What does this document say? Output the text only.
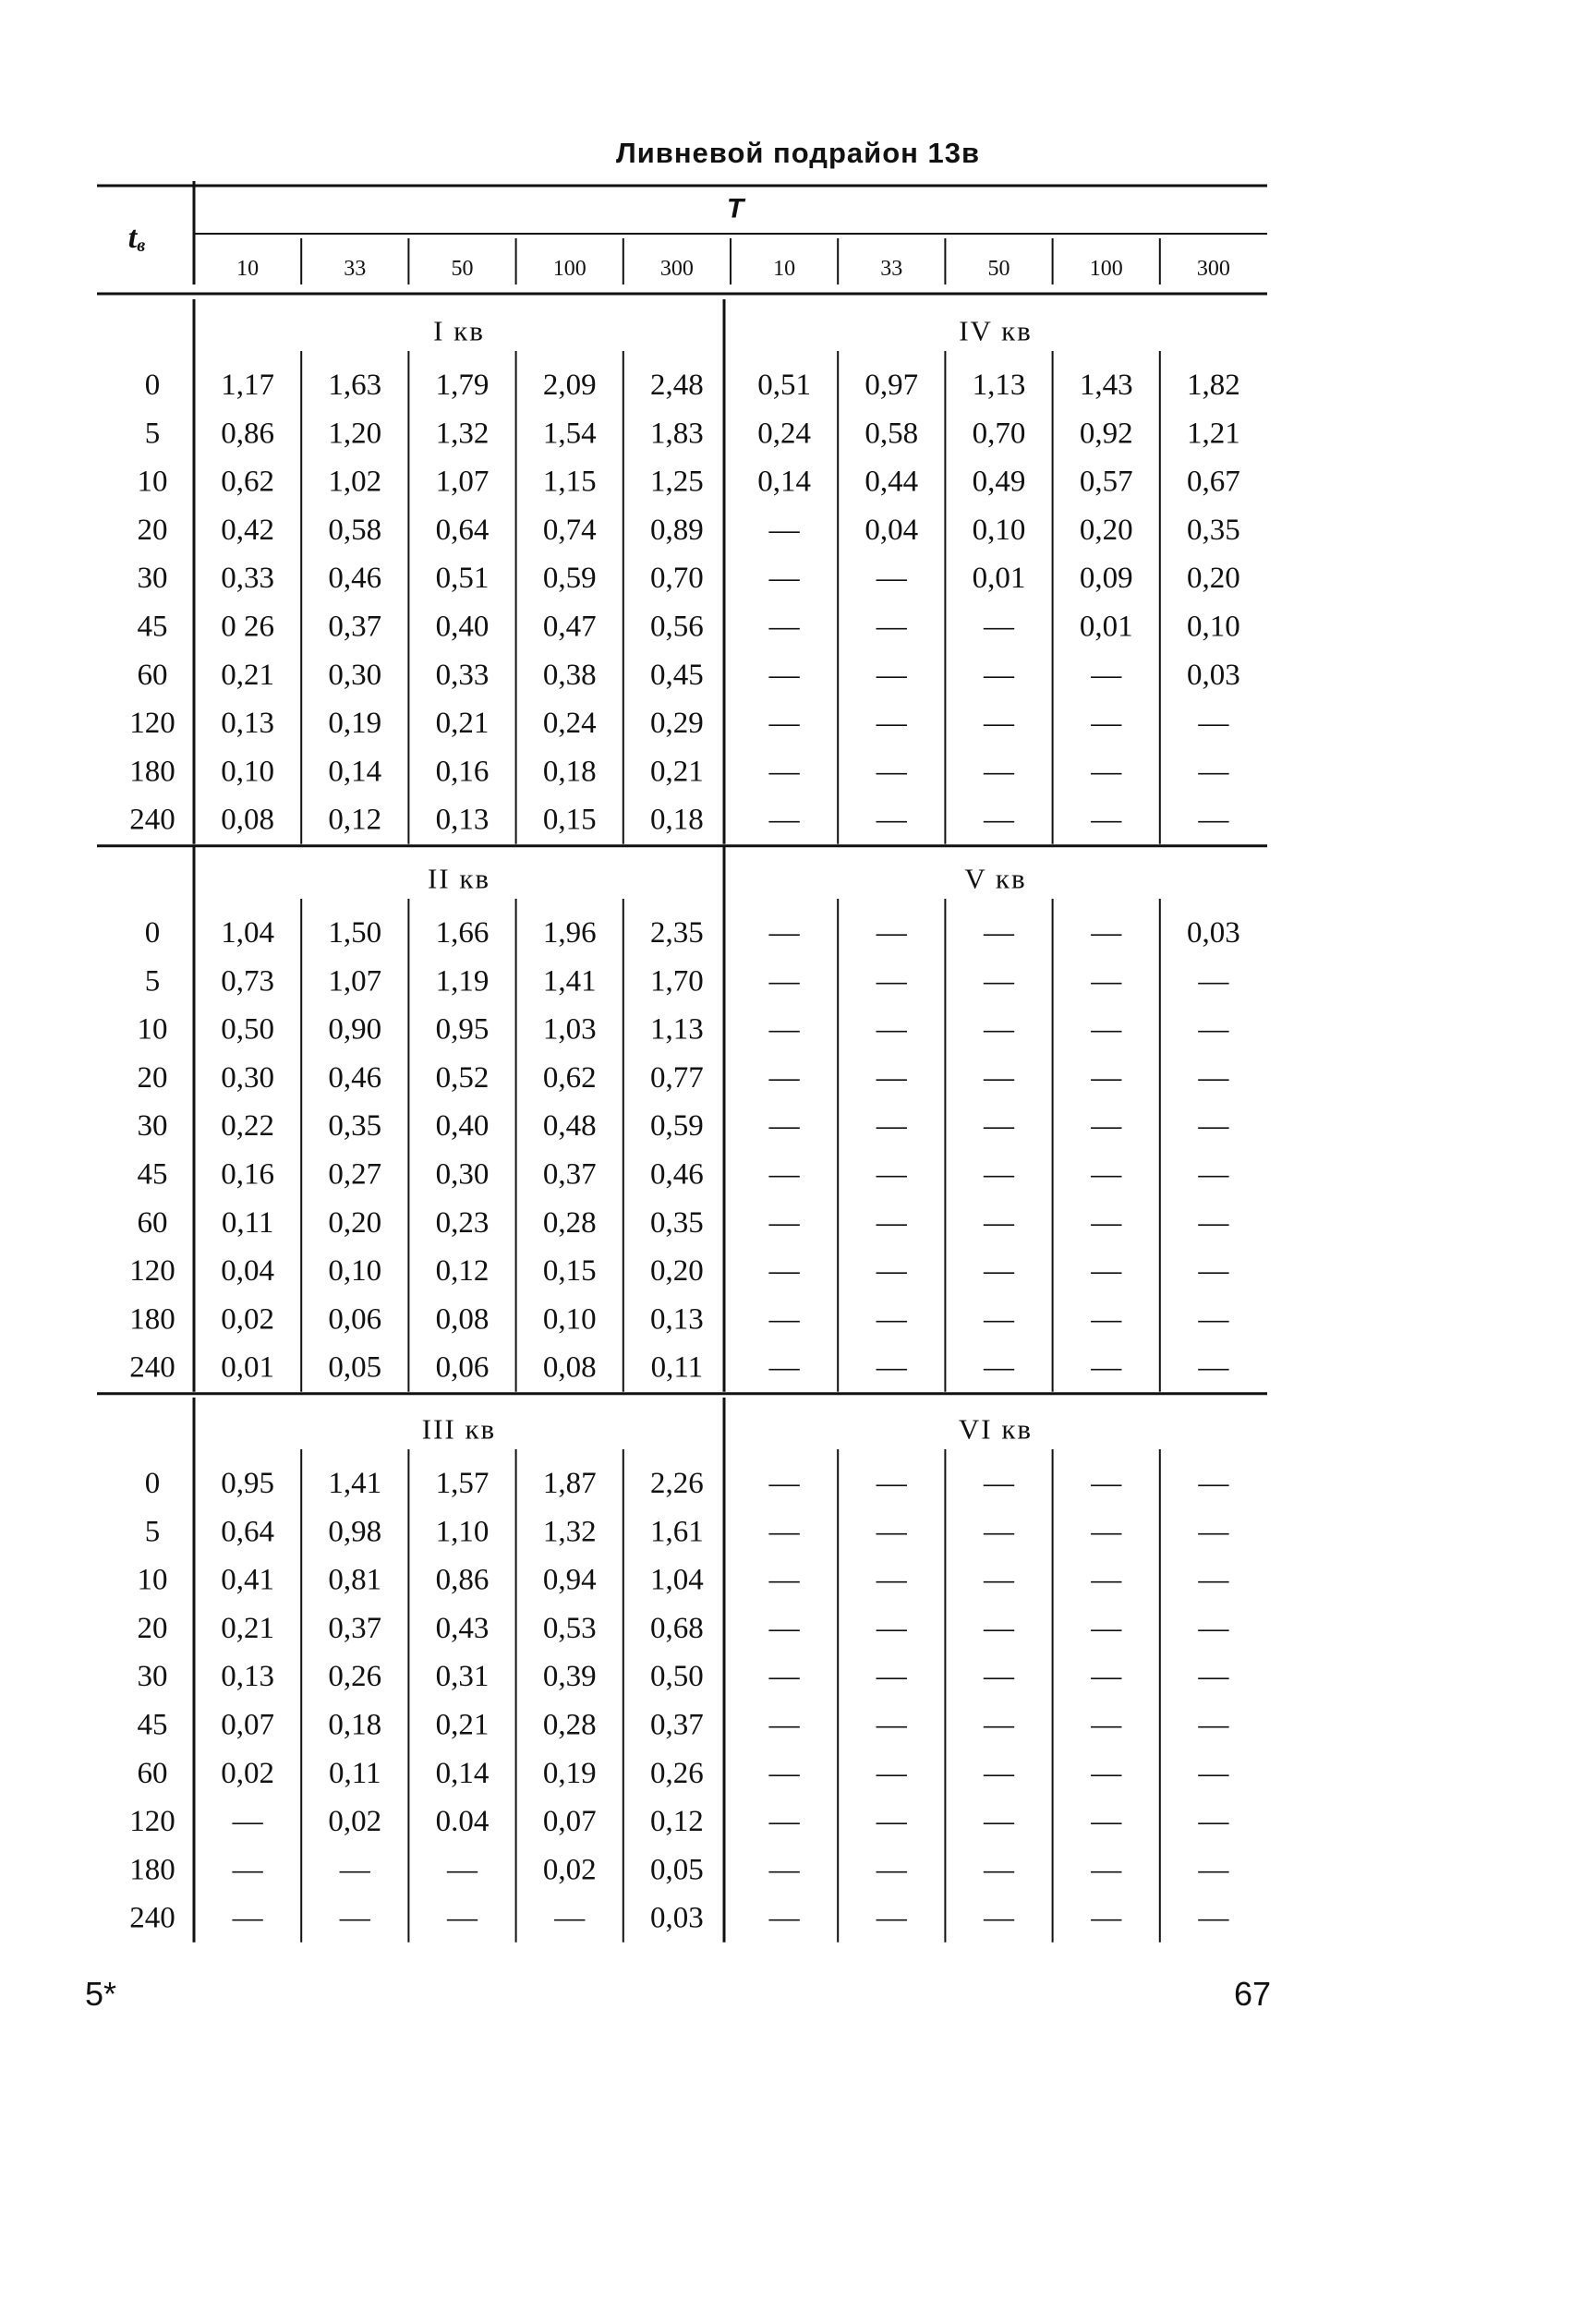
Ливневой подрайон 13в
$t_в$
T
10	33	50	100	300	10	33	50	100	300
I кв	IV кв
0 1,17 1,63 1,79 2,09 2,48 0,51 0,97 1,13 1,43 1,82
5 0,86 1,20 1,32 1,54 1,83 0,24 0,58 0,70 0,92 1,21
10 0,62 1,02 1,07 1,15 1,25 0,14 0,44 0,49 0,57 0,67
20 0,42 0,58 0,64 0,74 0,89 — 0,04 0,10 0,20 0,35
30 0,33 0,46 0,51 0,59 0,70 —	— 0,01 0,09 0,20
45 0 26 0,37 0,40 0,47 0,56 —	—	— 0,01 0,10
60 0,21 0,30 0,33 0,38 0,45 —	—	—	— 0,03
120 0,13 0,19 0,21 0,24 0,29 —	—	—	—	—
180 0,10 0,14 0,16 0,18 0,21 —	—	—	—	—
240 0,08 0,12 0,13 0,15 0,18 —	—	—	—	—
II кв	V кв
0 1,04 1,50 1,66 1,96 2,35 —	—	—	— 0,03
5 0,73 1,07 1,19 1,41 1,70 —	—	—	—	—
10 0,50 0,90 0,95 1,03 1,13 —	—	—	—	—
20 0,30 0,46 0,52 0,62 0,77 —	—	—	—	—
30 0,22 0,35 0,40 0,48 0,59 —	—	—	—	—
45 0,16 0,27 0,30 0,37 0,46 —	—	—	—	—
60 0,11 0,20 0,23 0,28 0,35 —	—	—	—	—
120 0,04 0,10 0,12 0,15 0,20 —	—	—	—	—
180 0,02 0,06 0,08 0,10 0,13 —	—	—	—	—
240 0,01 0,05 0,06 0,08 0,11 —	—	—	—	—
III кв	VI кв
0 0,95 1,41 1,57 1,87 2,26 —	—	—	—	—
5 0,64 0,98 1,10 1,32 1,61 —	—	—	—	—
10 0,41 0,81 0,86 0,94 1,04 —	—	—	—	—
20 0,21 0,37 0,43 0,53 0,68 —	—	—	—	—
30 0,13 0,26 0,31 0,39 0,50 —	—	—	—	—
45 0,07 0,18 0,21 0,28 0,37 —	—	—	—	—
60 0,02 0,11 0,14 0,19 0,26 —	—	—	—	—
120 — 0,02 0.04 0,07 0,12 —	—	—	—	—
180 —	—	— 0,02 0,05 —	—	—	—	—
240 —	—	—	— 0,03 —	—	—	—	—
5*	67
